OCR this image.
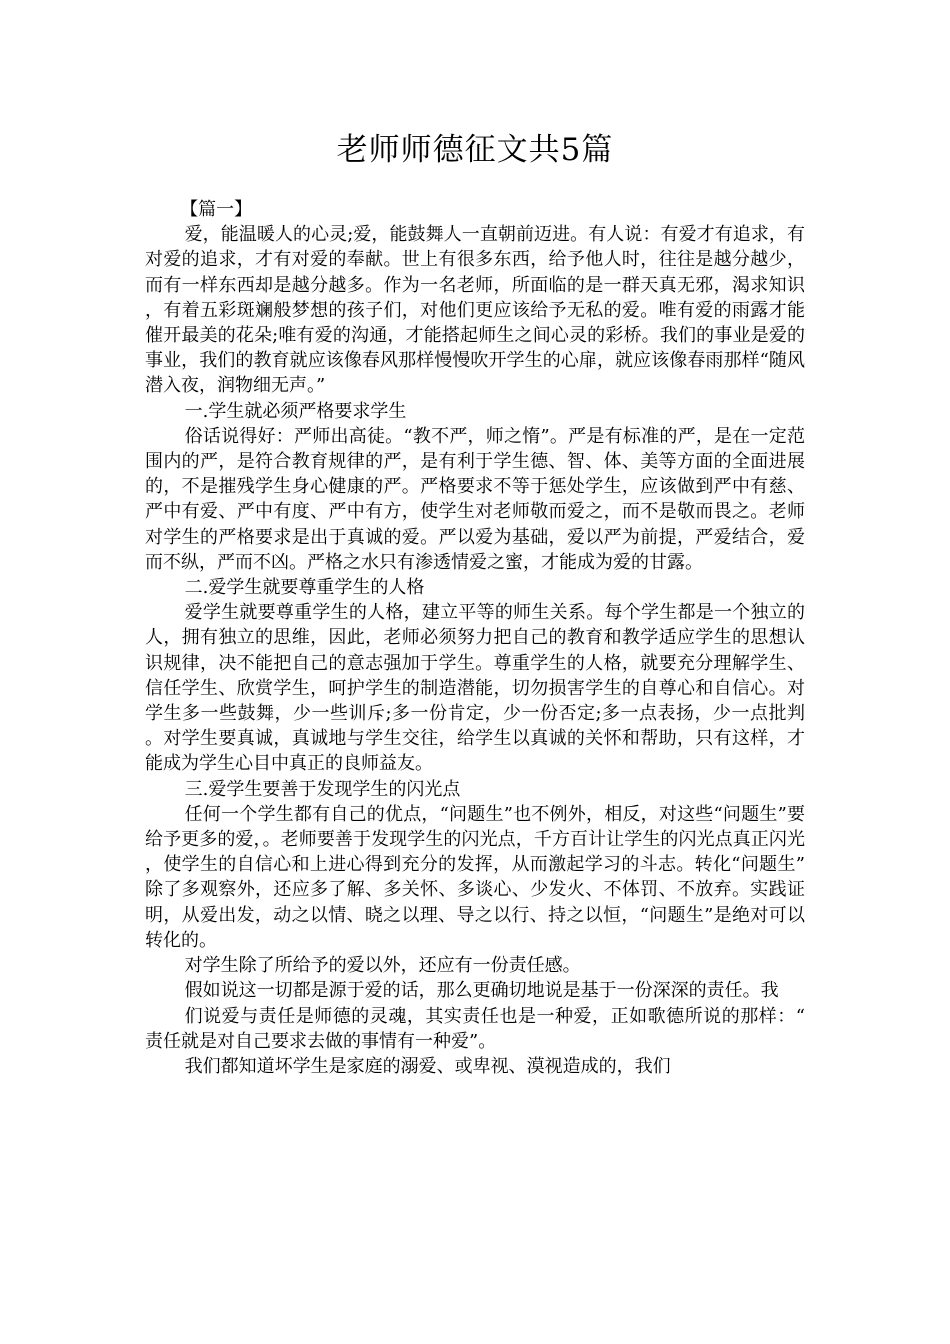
老师师德征文共5篇

【篇一】

爱，能温暖人的心灵;爱，能鼓舞人一直朝前迈进。有人说：有爱才有追求，有对爱的追求，才有对爱的奉献。世上有很多东西，给予他人时，往往是越分越少，而有一样东西却是越分越多。作为一名老师，所面临的是一群天真无邪，渴求知识，有着五彩斑斓般梦想的孩子们，对他们更应该给予无私的爱。唯有爱的雨露才能催开最美的花朵;唯有爱的沟通，才能搭起师生之间心灵的彩桥。我们的事业是爱的事业，我们的教育就应该像春风那样慢慢吹开学生的心扉，就应该像春雨那样“随风潜入夜，润物细无声。”

一.学生就必须严格要求学生

俗话说得好：严师出高徒。“教不严，师之惰”。严是有标准的严，是在一定范围内的严，是符合教育规律的严，是有利于学生德、智、体、美等方面的全面进展的，不是摧残学生身心健康的严。严格要求不等于惩处学生，应该做到严中有慈、严中有爱、严中有度、严中有方，使学生对老师敬而爱之，而不是敬而畏之。老师对学生的严格要求是出于真诚的爱。严以爱为基础，爱以严为前提，严爱结合，爱而不纵，严而不凶。严格之水只有渗透情爱之蜜，才能成为爱的甘露。

二.爱学生就要尊重学生的人格

爱学生就要尊重学生的人格，建立平等的师生关系。每个学生都是一个独立的人，拥有独立的思维，因此，老师必须努力把自己的教育和教学适应学生的思想认识规律，决不能把自己的意志强加于学生。尊重学生的人格，就要充分理解学生、信任学生、欣赏学生，呵护学生的制造潜能，切勿损害学生的自尊心和自信心。对学生多一些鼓舞，少一些训斥;多一份肯定，少一份否定;多一点表扬，少一点批判。对学生要真诚，真诚地与学生交往，给学生以真诚的关怀和帮助，只有这样，才能成为学生心目中真正的良师益友。

三.爱学生要善于发现学生的闪光点

任何一个学生都有自己的优点，“问题生”也不例外，相反，对这些“问题生”要给予更多的爱，。老师要善于发现学生的闪光点，千方百计让学生的闪光点真正闪光，使学生的自信心和上进心得到充分的发挥，从而激起学习的斗志。转化“问题生”除了多观察外，还应多了解、多关怀、多谈心、少发火、不体罚、不放弃。实践证明，从爱出发，动之以情、晓之以理、导之以行、持之以恒，“问题生”是绝对可以转化的。

对学生除了所给予的爱以外，还应有一份责任感。

假如说这一切都是源于爱的话，那么更确切地说是基于一份深深的责任。我

们说爱与责任是师德的灵魂，其实责任也是一种爱，正如歌德所说的那样：“责任就是对自己要求去做的事情有一种爱”。

我们都知道坏学生是家庭的溺爱、或卑视、漠视造成的，我们
